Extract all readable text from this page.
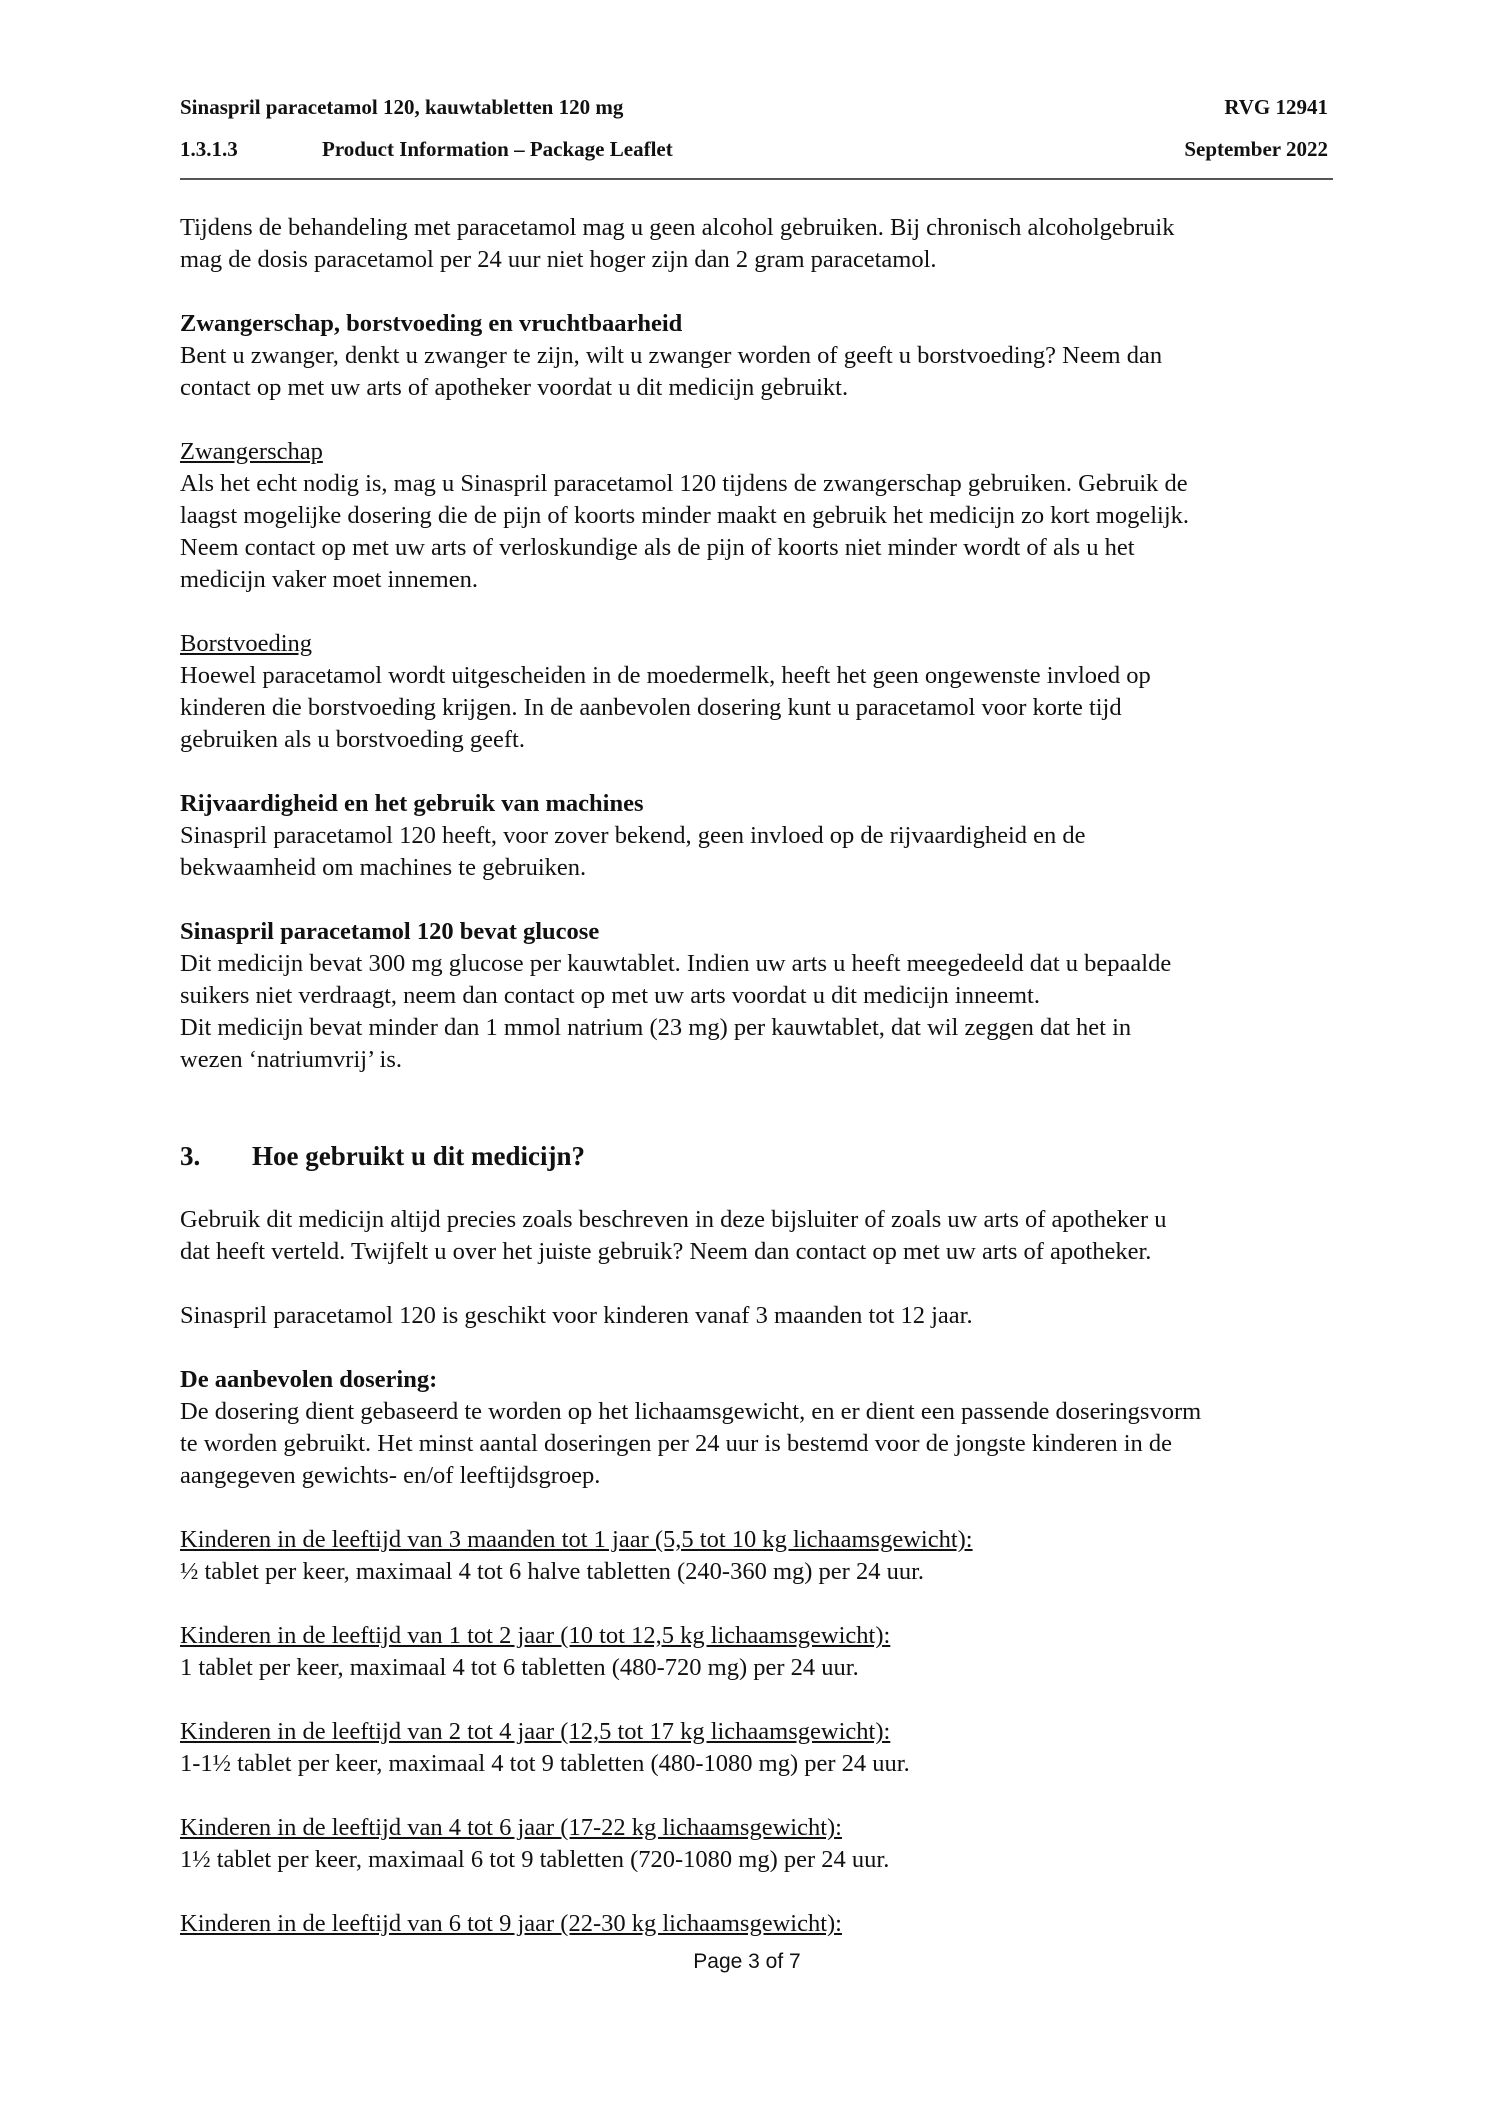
Sinaspril paracetamol 120, kauwtabletten 120 mg	RVG 12941
1.3.1.3	Product Information – Package Leaflet	September 2022

Tijdens de behandeling met paracetamol mag u geen alcohol gebruiken. Bij chronisch alcoholgebruik
mag de dosis paracetamol per 24 uur niet hoger zijn dan 2 gram paracetamol.

Zwangerschap, borstvoeding en vruchtbaarheid

Bent u zwanger, denkt u zwanger te zijn, wilt u zwanger worden of geeft u borstvoeding? Neem dan
contact op met uw arts of apotheker voordat u dit medicijn gebruikt.

Zwangerschap

Als het echt nodig is, mag u Sinaspril paracetamol 120 tijdens de zwangerschap gebruiken. Gebruik de
laagst mogelijke dosering die de pijn of koorts minder maakt en gebruik het medicijn zo kort mogelijk.
Neem contact op met uw arts of verloskundige als de pijn of koorts niet minder wordt of als u het
medicijn vaker moet innemen.

Borstvoeding

Hoewel paracetamol wordt uitgescheiden in de moedermelk, heeft het geen ongewenste invloed op
kinderen die borstvoeding krijgen. In de aanbevolen dosering kunt u paracetamol voor korte tijd
gebruiken als u borstvoeding geeft.

Rijvaardigheid en het gebruik van machines

Sinaspril paracetamol 120 heeft, voor zover bekend, geen invloed op de rijvaardigheid en de
bekwaamheid om machines te gebruiken.

Sinaspril paracetamol 120 bevat glucose

Dit medicijn bevat 300 mg glucose per kauwtablet. Indien uw arts u heeft meegedeeld dat u bepaalde
suikers niet verdraagt, neem dan contact op met uw arts voordat u dit medicijn inneemt.
Dit medicijn bevat minder dan 1 mmol natrium (23 mg) per kauwtablet, dat wil zeggen dat het in
wezen ‘natriumvrij’ is.

3. Hoe gebruikt u dit medicijn?

Gebruik dit medicijn altijd precies zoals beschreven in deze bijsluiter of zoals uw arts of apotheker u
dat heeft verteld. Twijfelt u over het juiste gebruik? Neem dan contact op met uw arts of apotheker.

Sinaspril paracetamol 120 is geschikt voor kinderen vanaf 3 maanden tot 12 jaar.

De aanbevolen dosering:

De dosering dient gebaseerd te worden op het lichaamsgewicht, en er dient een passende doseringsvorm
te worden gebruikt. Het minst aantal doseringen per 24 uur is bestemd voor de jongste kinderen in de
aangegeven gewichts- en/of leeftijdsgroep.

Kinderen in de leeftijd van 3 maanden tot 1 jaar (5,5 tot 10 kg lichaamsgewicht):

½ tablet per keer, maximaal 4 tot 6 halve tabletten (240-360 mg) per 24 uur.

Kinderen in de leeftijd van 1 tot 2 jaar (10 tot 12,5 kg lichaamsgewicht):

1 tablet per keer, maximaal 4 tot 6 tabletten (480-720 mg) per 24 uur.

Kinderen in de leeftijd van 2 tot 4 jaar (12,5 tot 17 kg lichaamsgewicht):

1-1½ tablet per keer, maximaal 4 tot 9 tabletten (480-1080 mg) per 24 uur.

Kinderen in de leeftijd van 4 tot 6 jaar (17-22 kg lichaamsgewicht):

1½ tablet per keer, maximaal 6 tot 9 tabletten (720-1080 mg) per 24 uur.

Kinderen in de leeftijd van 6 tot 9 jaar (22-30 kg lichaamsgewicht):

Page 3 of 7
